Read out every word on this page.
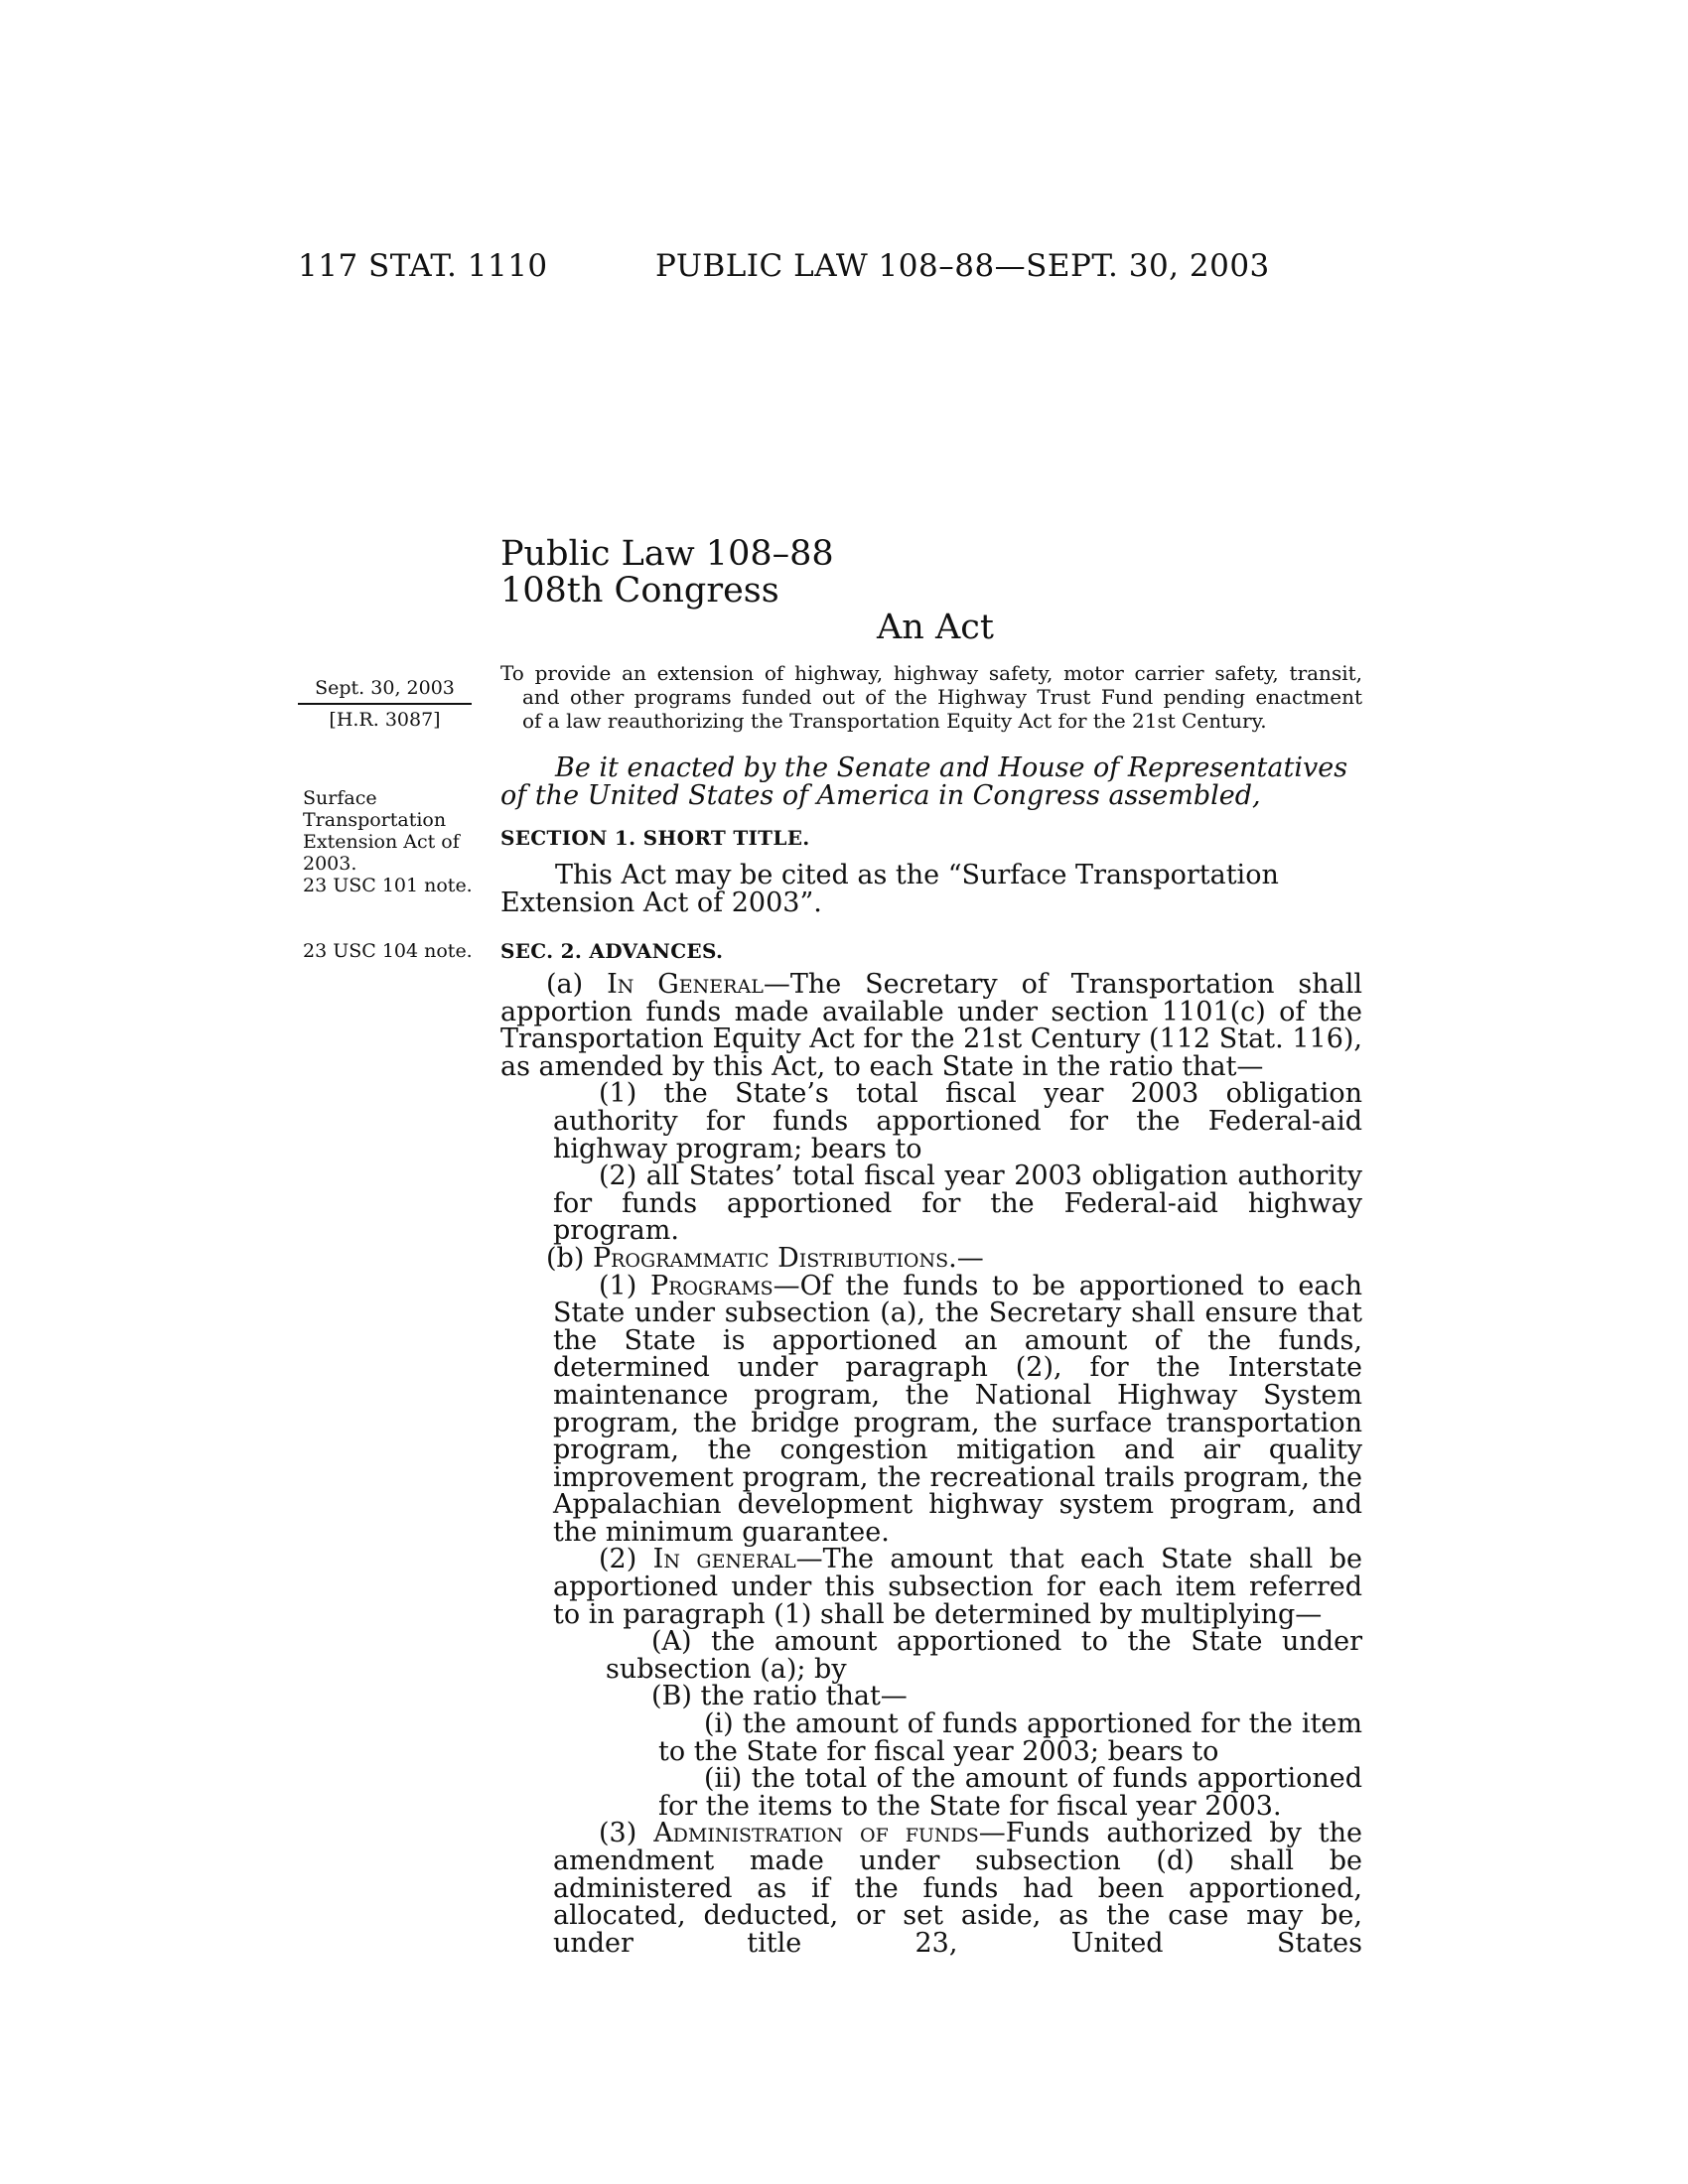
117 STAT. 1110	PUBLIC LAW 108–88—SEPT. 30, 2003
Public Law 108–88
108th Congress
An Act
Sept. 30, 2003
[H.R. 3087]
To provide an extension of highway, highway safety, motor carrier safety, transit,
and other programs funded out of the Highway Trust Fund pending enactment
of a law reauthorizing the Transportation Equity Act for the 21st Century.
Surface
Transportation
Extension Act of
2003.
23 USC 101 note.

Be it enacted by the Senate and House of Representatives of the United States of America in Congress assembled,

SECTION 1. SHORT TITLE.

This Act may be cited as the “Surface Transportation Extension Act of 2003”.

23 USC 104 note. SEC. 2. ADVANCES.

(a) In General—The Secretary of Transportation shall apportion funds made available under section 1101(c) of the Transportation Equity Act for the 21st Century (112 Stat. 116), as amended by this Act, to each State in the ratio that—

(1) the State’s total fiscal year 2003 obligation authority for funds apportioned for the Federal-aid highway program; bears to

(2) all States’ total fiscal year 2003 obligation authority for funds apportioned for the Federal-aid highway program.

(b) Programmatic Distributions.—

(1) Programs—Of the funds to be apportioned to each State under subsection (a), the Secretary shall ensure that the State is apportioned an amount of the funds, determined under paragraph (2), for the Interstate maintenance program, the National Highway System program, the bridge program, the surface transportation program, the congestion mitigation and air quality improvement program, the recreational trails program, the Appalachian development highway system program, and the minimum guarantee.

(2) In general—The amount that each State shall be apportioned under this subsection for each item referred to in paragraph (1) shall be determined by multiplying—

(A) the amount apportioned to the State under subsection (a); by

(B) the ratio that—

(i) the amount of funds apportioned for the item to the State for fiscal year 2003; bears to

(ii) the total of the amount of funds apportioned for the items to the State for fiscal year 2003.

(3) Administration of funds—Funds authorized by the amendment made under subsection (d) shall be administered as if the funds had been apportioned, allocated, deducted, or set aside, as the case may be, under title 23, United States
